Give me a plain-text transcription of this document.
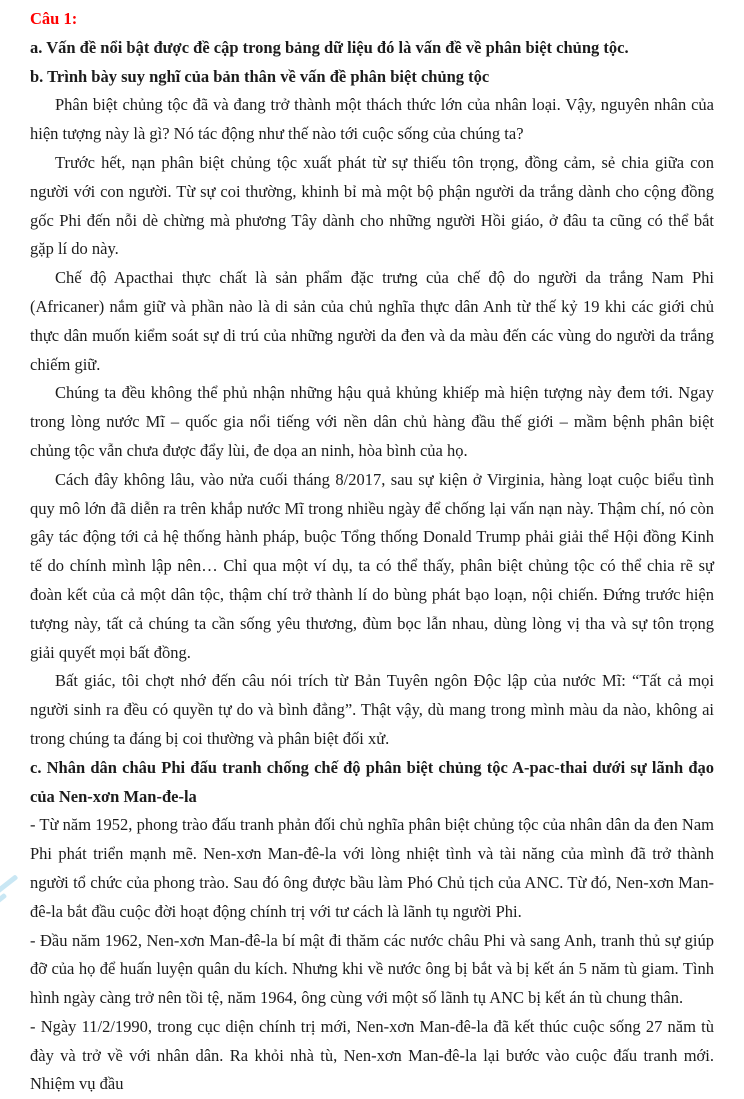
Câu 1:

a. Vấn đề nổi bật được đề cập trong bảng dữ liệu đó là vấn đề về phân biệt chủng tộc.

b. Trình bày suy nghĩ của bản thân về vấn đề phân biệt chủng tộc

Phân biệt chủng tộc đã và đang trở thành một thách thức lớn của nhân loại. Vậy, nguyên nhân của hiện tượng này là gì? Nó tác động như thế nào tới cuộc sống của chúng ta?

Trước hết, nạn phân biệt chủng tộc xuất phát từ sự thiếu tôn trọng, đồng cảm, sẻ chia giữa con người với con người. Từ sự coi thường, khinh bỉ mà một bộ phận người da trắng dành cho cộng đồng gốc Phi đến nỗi dè chừng mà phương Tây dành cho những người Hồi giáo, ở đâu ta cũng có thể bắt gặp lí do này.

Chế độ Apacthai thực chất là sản phẩm đặc trưng của chế độ do người da trắng Nam Phi (Africaner) nắm giữ và phần nào là di sản của chủ nghĩa thực dân Anh từ thế kỷ 19 khi các giới chủ thực dân muốn kiểm soát sự di trú của những người da đen và da màu đến các vùng do người da trắng chiếm giữ.

Chúng ta đều không thể phủ nhận những hậu quả khủng khiếp mà hiện tượng này đem tới. Ngay trong lòng nước Mĩ – quốc gia nổi tiếng với nền dân chủ hàng đầu thế giới – mầm bệnh phân biệt chủng tộc vẫn chưa được đẩy lùi, đe dọa an ninh, hòa bình của họ.

Cách đây không lâu, vào nửa cuối tháng 8/2017, sau sự kiện ở Virginia, hàng loạt cuộc biểu tình quy mô lớn đã diễn ra trên khắp nước Mĩ trong nhiều ngày để chống lại vấn nạn này. Thậm chí, nó còn gây tác động tới cả hệ thống hành pháp, buộc Tổng thống Donald Trump phải giải thể Hội đồng Kinh tế do chính mình lập nên… Chỉ qua một ví dụ, ta có thể thấy, phân biệt chủng tộc có thể chia rẽ sự đoàn kết của cả một dân tộc, thậm chí trở thành lí do bùng phát bạo loạn, nội chiến. Đứng trước hiện tượng này, tất cả chúng ta cần sống yêu thương, đùm bọc lẫn nhau, dùng lòng vị tha và sự tôn trọng giải quyết mọi bất đồng.

Bất giác, tôi chợt nhớ đến câu nói trích từ Bản Tuyên ngôn Độc lập của nước Mĩ: “Tất cả mọi người sinh ra đều có quyền tự do và bình đẳng”. Thật vậy, dù mang trong mình màu da nào, không ai trong chúng ta đáng bị coi thường và phân biệt đối xử.

c. Nhân dân châu Phi đấu tranh chống chế độ phân biệt chủng tộc A-pac-thai dưới sự lãnh đạo của Nen-xơn Man-đe-la

- Từ năm 1952, phong trào đấu tranh phản đối chủ nghĩa phân biệt chủng tộc của nhân dân da đen Nam Phi phát triển mạnh mẽ. Nen-xơn Man-đê-la với lòng nhiệt tình và tài năng của mình đã trở thành người tổ chức của phong trào. Sau đó ông được bầu làm Phó Chủ tịch của ANC. Từ đó, Nen-xơn Man-đê-la bắt đầu cuộc đời hoạt động chính trị với tư cách là lãnh tụ người Phi.

- Đầu năm 1962, Nen-xơn Man-đê-la bí mật đi thăm các nước châu Phi và sang Anh, tranh thủ sự giúp đỡ của họ để huấn luyện quân du kích. Nhưng khi về nước ông bị bắt và bị kết án 5 năm tù giam. Tình hình ngày càng trở nên tồi tệ, năm 1964, ông cùng với một số lãnh tụ ANC bị kết án tù chung thân.

- Ngày 11/2/1990, trong cục diện chính trị mới, Nen-xơn Man-đê-la đã kết thúc cuộc sống 27 năm tù đày và trở về với nhân dân. Ra khỏi nhà tù, Nen-xơn Man-đê-la lại bước vào cuộc đấu tranh mới. Nhiệm vụ đầu
